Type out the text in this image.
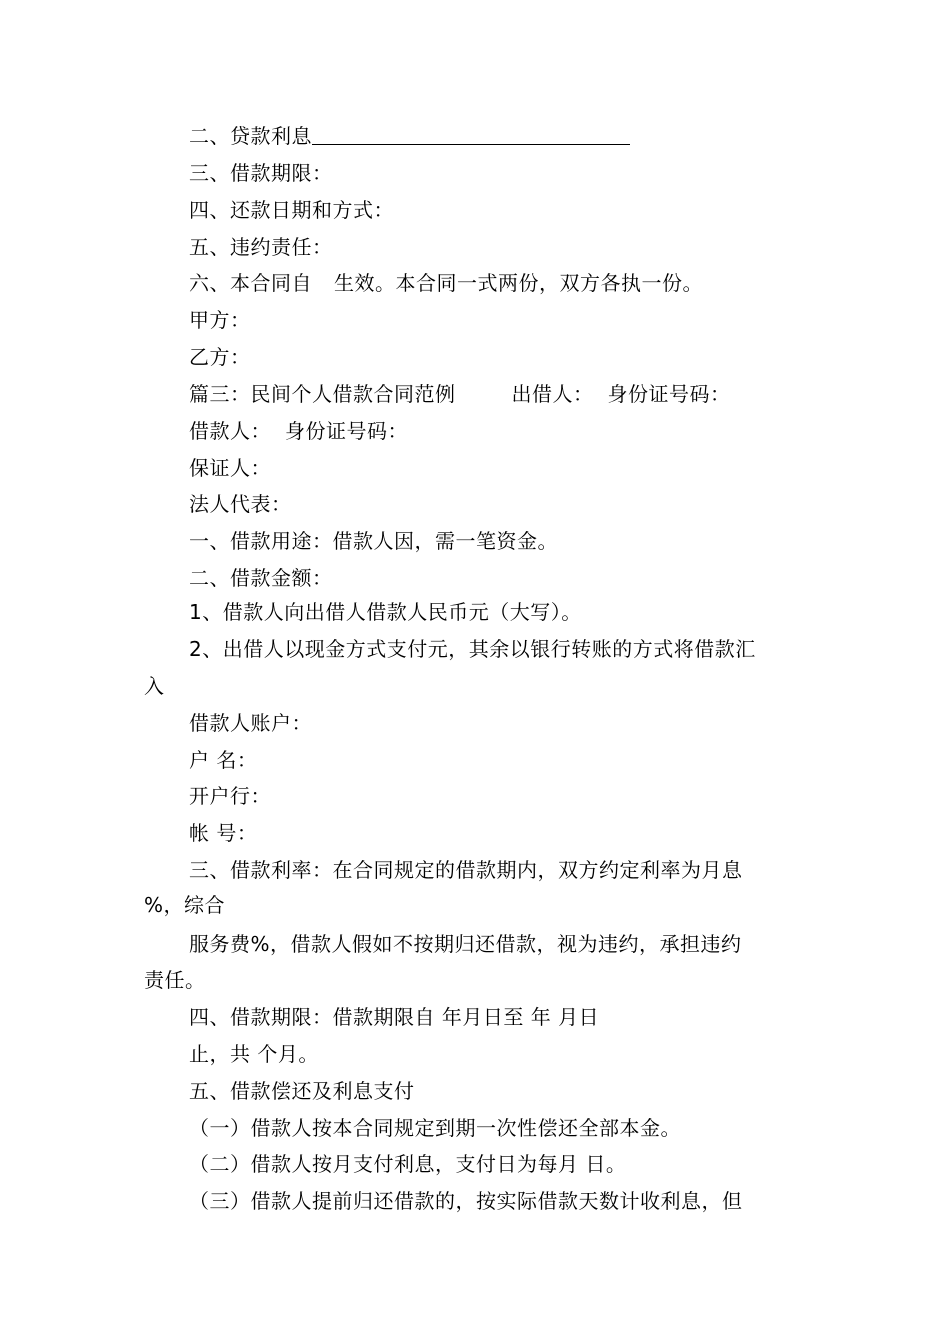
二、贷款利息
三、借款期限：
四、还款日期和方式：
五、违约责任：
六、本合同自 生效。本合同一式两份，双方各执一份。
甲方：
乙方：
篇三：民间个人借款合同范例	出借人： 身份证号码：
借款人： 身份证号码：
保证人：
法人代表：
一、借款用途：借款人因，需一笔资金。
二、借款金额：
1、借款人向出借人借款人民币元（大写）。
2、出借人以现金方式支付元，其余以银行转账的方式将借款汇
入
借款人账户：
户 名：
开户行：
帐 号：
三、借款利率：在合同规定的借款期内，双方约定利率为月息
%，综合
服务费%，借款人假如不按期归还借款，视为违约，承担违约
责任。
四、借款期限：借款期限自 年月日至 年 月日
止，共 个月。
五、借款偿还及利息支付
（一）借款人按本合同规定到期一次性偿还全部本金。
（二）借款人按月支付利息，支付日为每月 日。
（三）借款人提前归还借款的，按实际借款天数计收利息，但
